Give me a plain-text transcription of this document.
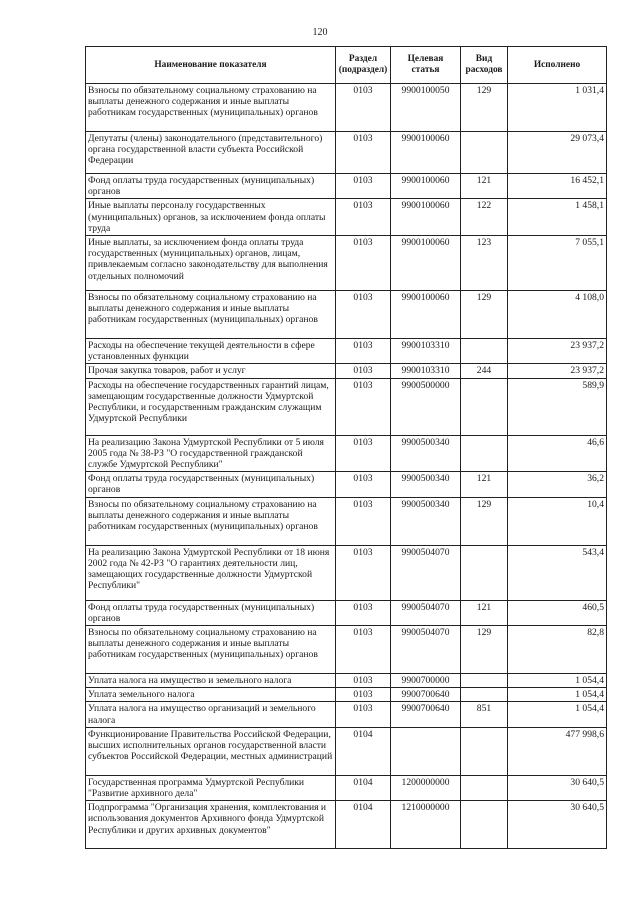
120
Наименование показателя	Раздел (подраздел)	Целевая статья	Вид расходов	Исполнено
Взносы по обязательному социальному страхованию на выплаты денежного содержания и иные выплаты работникам государственных (муниципальных) органов	0103	9900100050	129	1 031,4
Депутаты (члены) законодательного (представительного) органа государственной власти субъекта Российской Федерации	0103	9900100060		29 073,4
Фонд оплаты труда государственных (муниципальных) органов	0103	9900100060	121	16 452,1
Иные выплаты персоналу государственных (муниципальных) органов, за исключением фонда оплаты труда	0103	9900100060	122	1 458,1
Иные выплаты, за исключением фонда оплаты труда государственных (муниципальных) органов, лицам, привлекаемым согласно законодательству для выполнения отдельных полномочий	0103	9900100060	123	7 055,1
Взносы по обязательному социальному страхованию на выплаты денежного содержания и иные выплаты работникам государственных (муниципальных) органов	0103	9900100060	129	4 108,0
Расходы на обеспечение текущей деятельности в сфере установленных функции	0103	9900103310		23 937,2
Прочая закупка товаров, работ и услуг	0103	9900103310	244	23 937,2
Расходы на обеспечение государственных гарантий лицам, замещающим государственные должности Удмуртской Республики, и государственным гражданским служащим Удмуртской Республики	0103	9900500000		589,9
На реализацию Закона Удмуртской Республики от 5 июля 2005 года № 38-РЗ "О государственной гражданской службе Удмуртской Республики"	0103	9900500340		46,6
Фонд оплаты труда государственных (муниципальных) органов	0103	9900500340	121	36,2
Взносы по обязательному социальному страхованию на выплаты денежного содержания и иные выплаты работникам государственных (муниципальных) органов	0103	9900500340	129	10,4
На реализацию Закона Удмуртской Республики от 18 июня 2002 года № 42-РЗ "О гарантиях деятельности лиц, замещающих государственные должности Удмуртской Республики"	0103	9900504070		543,4
Фонд оплаты труда государственных (муниципальных) органов	0103	9900504070	121	460,5
Взносы по обязательному социальному страхованию на выплаты денежного содержания и иные выплаты работникам государственных (муниципальных) органов	0103	9900504070	129	82,8
Уплата налога на имущество и земельного налога	0103	9900700000		1 054,4
Уплата земельного налога	0103	9900700640		1 054,4
Уплата налога на имущество организаций и земельного налога	0103	9900700640	851	1 054,4
Функционирование Правительства Российской Федерации, высших исполнительных органов государственной власти субъектов Российской Федерации, местных администраций	0104			477 998,6
Государственная программа Удмуртской Республики "Развитие архивного дела"	0104	1200000000		30 640,5
Подпрограмма "Организация хранения, комплектования и использования документов Архивного фонда Удмуртской Республики и других архивных документов"	0104	1210000000		30 640,5
